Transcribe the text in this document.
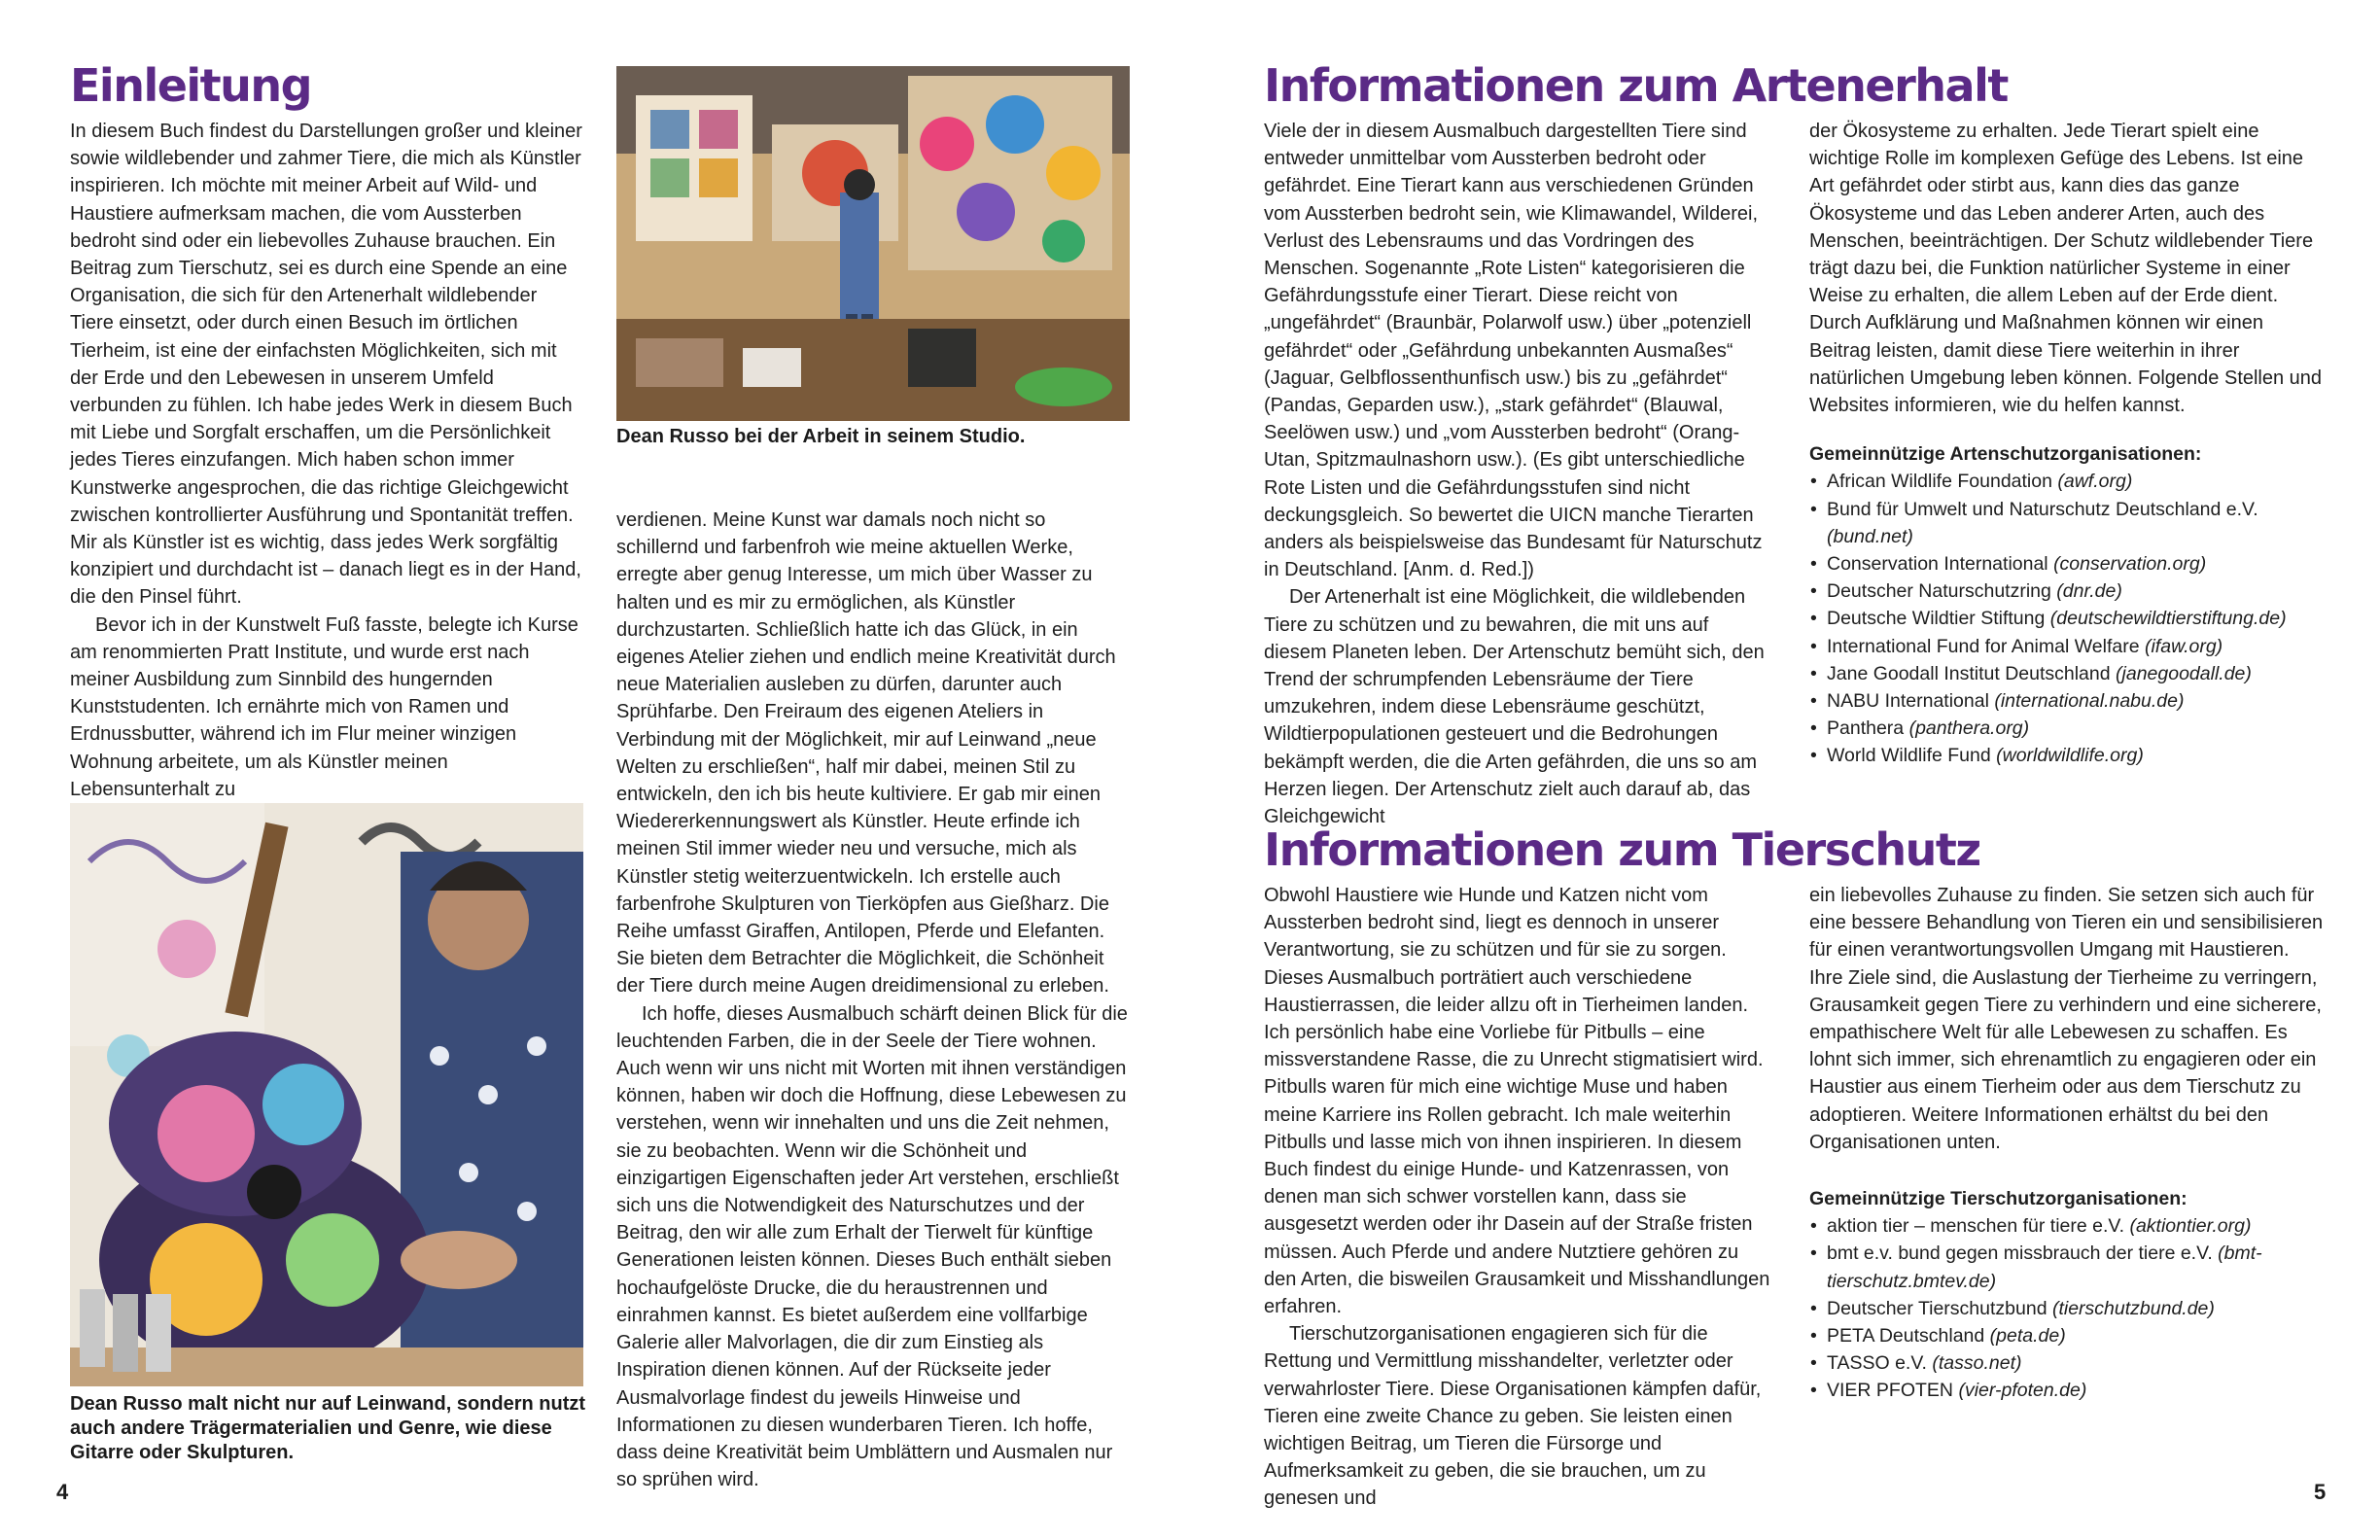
Einleitung

In diesem Buch findest du Darstellungen großer und kleiner sowie wildlebender und zahmer Tiere, die mich als Künstler inspirieren. Ich möchte mit meiner Arbeit auf Wild- und Haustiere aufmerksam machen, die vom Aussterben bedroht sind oder ein liebevolles Zuhause brauchen. Ein Beitrag zum Tierschutz, sei es durch eine Spende an eine Organisation, die sich für den Artenerhalt wildlebender Tiere einsetzt, oder durch einen Besuch im örtlichen Tierheim, ist eine der einfachsten Möglichkeiten, sich mit der Erde und den Lebewesen in unserem Umfeld verbunden zu fühlen. Ich habe jedes Werk in diesem Buch mit Liebe und Sorgfalt erschaffen, um die Persönlichkeit jedes Tieres einzufangen. Mich haben schon immer Kunstwerke angesprochen, die das richtige Gleichgewicht zwischen kontrollierter Ausführung und Spontanität treffen. Mir als Künstler ist es wichtig, dass jedes Werk sorgfältig konzipiert und durchdacht ist – danach liegt es in der Hand, die den Pinsel führt.

Bevor ich in der Kunstwelt Fuß fasste, belegte ich Kurse am renommierten Pratt Institute, und wurde erst nach meiner Ausbildung zum Sinnbild des hungernden Kunststudenten. Ich ernährte mich von Ramen und Erdnussbutter, während ich im Flur meiner winzigen Wohnung arbeitete, um als Künstler meinen Lebensunterhalt zu

Dean Russo bei der Arbeit in seinem Studio.

verdienen. Meine Kunst war damals noch nicht so schillernd und farbenfroh wie meine aktuellen Werke, erregte aber genug Interesse, um mich über Wasser zu halten und es mir zu ermöglichen, als Künstler durchzustarten. Schließlich hatte ich das Glück, in ein eigenes Atelier ziehen und endlich meine Kreativität durch neue Materialien ausleben zu dürfen, darunter auch Sprühfarbe. Den Freiraum des eigenen Ateliers in Verbindung mit der Möglichkeit, mir auf Leinwand „neue Welten zu erschließen“, half mir dabei, meinen Stil zu entwickeln, den ich bis heute kultiviere. Er gab mir einen Wiedererkennungswert als Künstler. Heute erfinde ich meinen Stil immer wieder neu und versuche, mich als Künstler stetig weiterzuentwickeln. Ich erstelle auch farbenfrohe Skulpturen von Tierköpfen aus Gießharz. Die Reihe umfasst Giraffen, Antilopen, Pferde und Elefanten. Sie bieten dem Betrachter die Möglichkeit, die Schönheit der Tiere durch meine Augen dreidimensional zu erleben.

Ich hoffe, dieses Ausmalbuch schärft deinen Blick für die leuchtenden Farben, die in der Seele der Tiere wohnen. Auch wenn wir uns nicht mit Worten mit ihnen verständigen können, haben wir doch die Hoffnung, diese Lebewesen zu verstehen, wenn wir innehalten und uns die Zeit nehmen, sie zu beobachten. Wenn wir die Schönheit und einzigartigen Eigenschaften jeder Art verstehen, erschließt sich uns die Notwendigkeit des Naturschutzes und der Beitrag, den wir alle zum Erhalt der Tierwelt für künftige Generationen leisten können. Dieses Buch enthält sieben hochaufgelöste Drucke, die du heraustrennen und einrahmen kannst. Es bietet außerdem eine vollfarbige Galerie aller Malvorlagen, die dir zum Einstieg als Inspiration dienen können. Auf der Rückseite jeder Ausmalvorlage findest du jeweils Hinweise und Informationen zu diesen wunderbaren Tieren. Ich hoffe, dass deine Kreativität beim Umblättern und Ausmalen nur so sprühen wird.

Dean Russo malt nicht nur auf Leinwand, sondern nutzt auch andere Trägermaterialien und Genre, wie diese Gitarre oder Skulpturen.
4
Informationen zum Artenerhalt

Viele der in diesem Ausmalbuch dargestellten Tiere sind entweder unmittelbar vom Aussterben bedroht oder gefährdet. Eine Tierart kann aus verschiedenen Gründen vom Aussterben bedroht sein, wie Klimawandel, Wilderei, Verlust des Lebensraums und das Vordringen des Menschen. Sogenannte „Rote Listen“ kategorisieren die Gefährdungsstufe einer Tierart. Diese reicht von „ungefährdet“ (Braunbär, Polarwolf usw.) über „potenziell gefährdet“ oder „Gefährdung unbekannten Ausmaßes“ (Jaguar, Gelbflossenthunfisch usw.) bis zu „gefährdet“ (Pandas, Geparden usw.), „stark gefährdet“ (Blauwal, Seelöwen usw.) und „vom Aussterben bedroht“ (Orang-Utan, Spitzmaulnashorn usw.). (Es gibt unterschiedliche Rote Listen und die Gefährdungsstufen sind nicht deckungsgleich. So bewertet die UICN manche Tierarten anders als beispielsweise das Bundesamt für Naturschutz in Deutschland. [Anm. d. Red.])

Der Artenerhalt ist eine Möglichkeit, die wildlebenden Tiere zu schützen und zu bewahren, die mit uns auf diesem Planeten leben. Der Artenschutz bemüht sich, den Trend der schrumpfenden Lebensräume der Tiere umzukehren, indem diese Lebensräume geschützt, Wildtierpopulationen gesteuert und die Bedrohungen bekämpft werden, die die Arten gefährden, die uns so am Herzen liegen. Der Artenschutz zielt auch darauf ab, das Gleichgewicht

der Ökosysteme zu erhalten. Jede Tierart spielt eine wichtige Rolle im komplexen Gefüge des Lebens. Ist eine Art gefährdet oder stirbt aus, kann dies das ganze Ökosysteme und das Leben anderer Arten, auch des Menschen, beeinträchtigen. Der Schutz wildlebender Tiere trägt dazu bei, die Funktion natürlicher Systeme in einer Weise zu erhalten, die allem Leben auf der Erde dient. Durch Aufklärung und Maßnahmen können wir einen Beitrag leisten, damit diese Tiere weiterhin in ihrer natürlichen Umgebung leben können. Folgende Stellen und Websites informieren, wie du helfen kannst.

Gemeinnützige Artenschutzorganisationen:
• African Wildlife Foundation (awf.org)
• Bund für Umwelt und Naturschutz Deutschland e.V. (bund.net)
• Conservation International (conservation.org)
• Deutscher Naturschutzring (dnr.de)
• Deutsche Wildtier Stiftung (deutschewildtierstiftung.de)
• International Fund for Animal Welfare (ifaw.org)
• Jane Goodall Institut Deutschland (janegoodall.de)
• NABU International (international.nabu.de)
• Panthera (panthera.org)
• World Wildlife Fund (worldwildlife.org)
Informationen zum Tierschutz

Obwohl Haustiere wie Hunde und Katzen nicht vom Aussterben bedroht sind, liegt es dennoch in unserer Verantwortung, sie zu schützen und für sie zu sorgen. Dieses Ausmalbuch porträtiert auch verschiedene Haustierrassen, die leider allzu oft in Tierheimen landen. Ich persönlich habe eine Vorliebe für Pitbulls – eine missverstandene Rasse, die zu Unrecht stigmatisiert wird. Pitbulls waren für mich eine wichtige Muse und haben meine Karriere ins Rollen gebracht. Ich male weiterhin Pitbulls und lasse mich von ihnen inspirieren. In diesem Buch findest du einige Hunde- und Katzenrassen, von denen man sich schwer vorstellen kann, dass sie ausgesetzt werden oder ihr Dasein auf der Straße fristen müssen. Auch Pferde und andere Nutztiere gehören zu den Arten, die bisweilen Grausamkeit und Misshandlungen erfahren.

Tierschutzorganisationen engagieren sich für die Rettung und Vermittlung misshandelter, verletzter oder verwahrloster Tiere. Diese Organisationen kämpfen dafür, Tieren eine zweite Chance zu geben. Sie leisten einen wichtigen Beitrag, um Tieren die Fürsorge und Aufmerksamkeit zu geben, die sie brauchen, um zu genesen und

ein liebevolles Zuhause zu finden. Sie setzen sich auch für eine bessere Behandlung von Tieren ein und sensibilisieren für einen verantwortungsvollen Umgang mit Haustieren. Ihre Ziele sind, die Auslastung der Tierheime zu verringern, Grausamkeit gegen Tiere zu verhindern und eine sicherere, empathischere Welt für alle Lebewesen zu schaffen. Es lohnt sich immer, sich ehrenamtlich zu engagieren oder ein Haustier aus einem Tierheim oder aus dem Tierschutz zu adoptieren. Weitere Informationen erhältst du bei den Organisationen unten.

Gemeinnützige Tierschutzorganisationen:
• aktion tier – menschen für tiere e.V. (aktiontier.org)
• bmt e.v. bund gegen missbrauch der tiere e.V. (bmt-tierschutz.bmtev.de)
• Deutscher Tierschutzbund (tierschutzbund.de)
• PETA Deutschland (peta.de)
• TASSO e.V. (tasso.net)
• VIER PFOTEN (vier-pfoten.de)
5
